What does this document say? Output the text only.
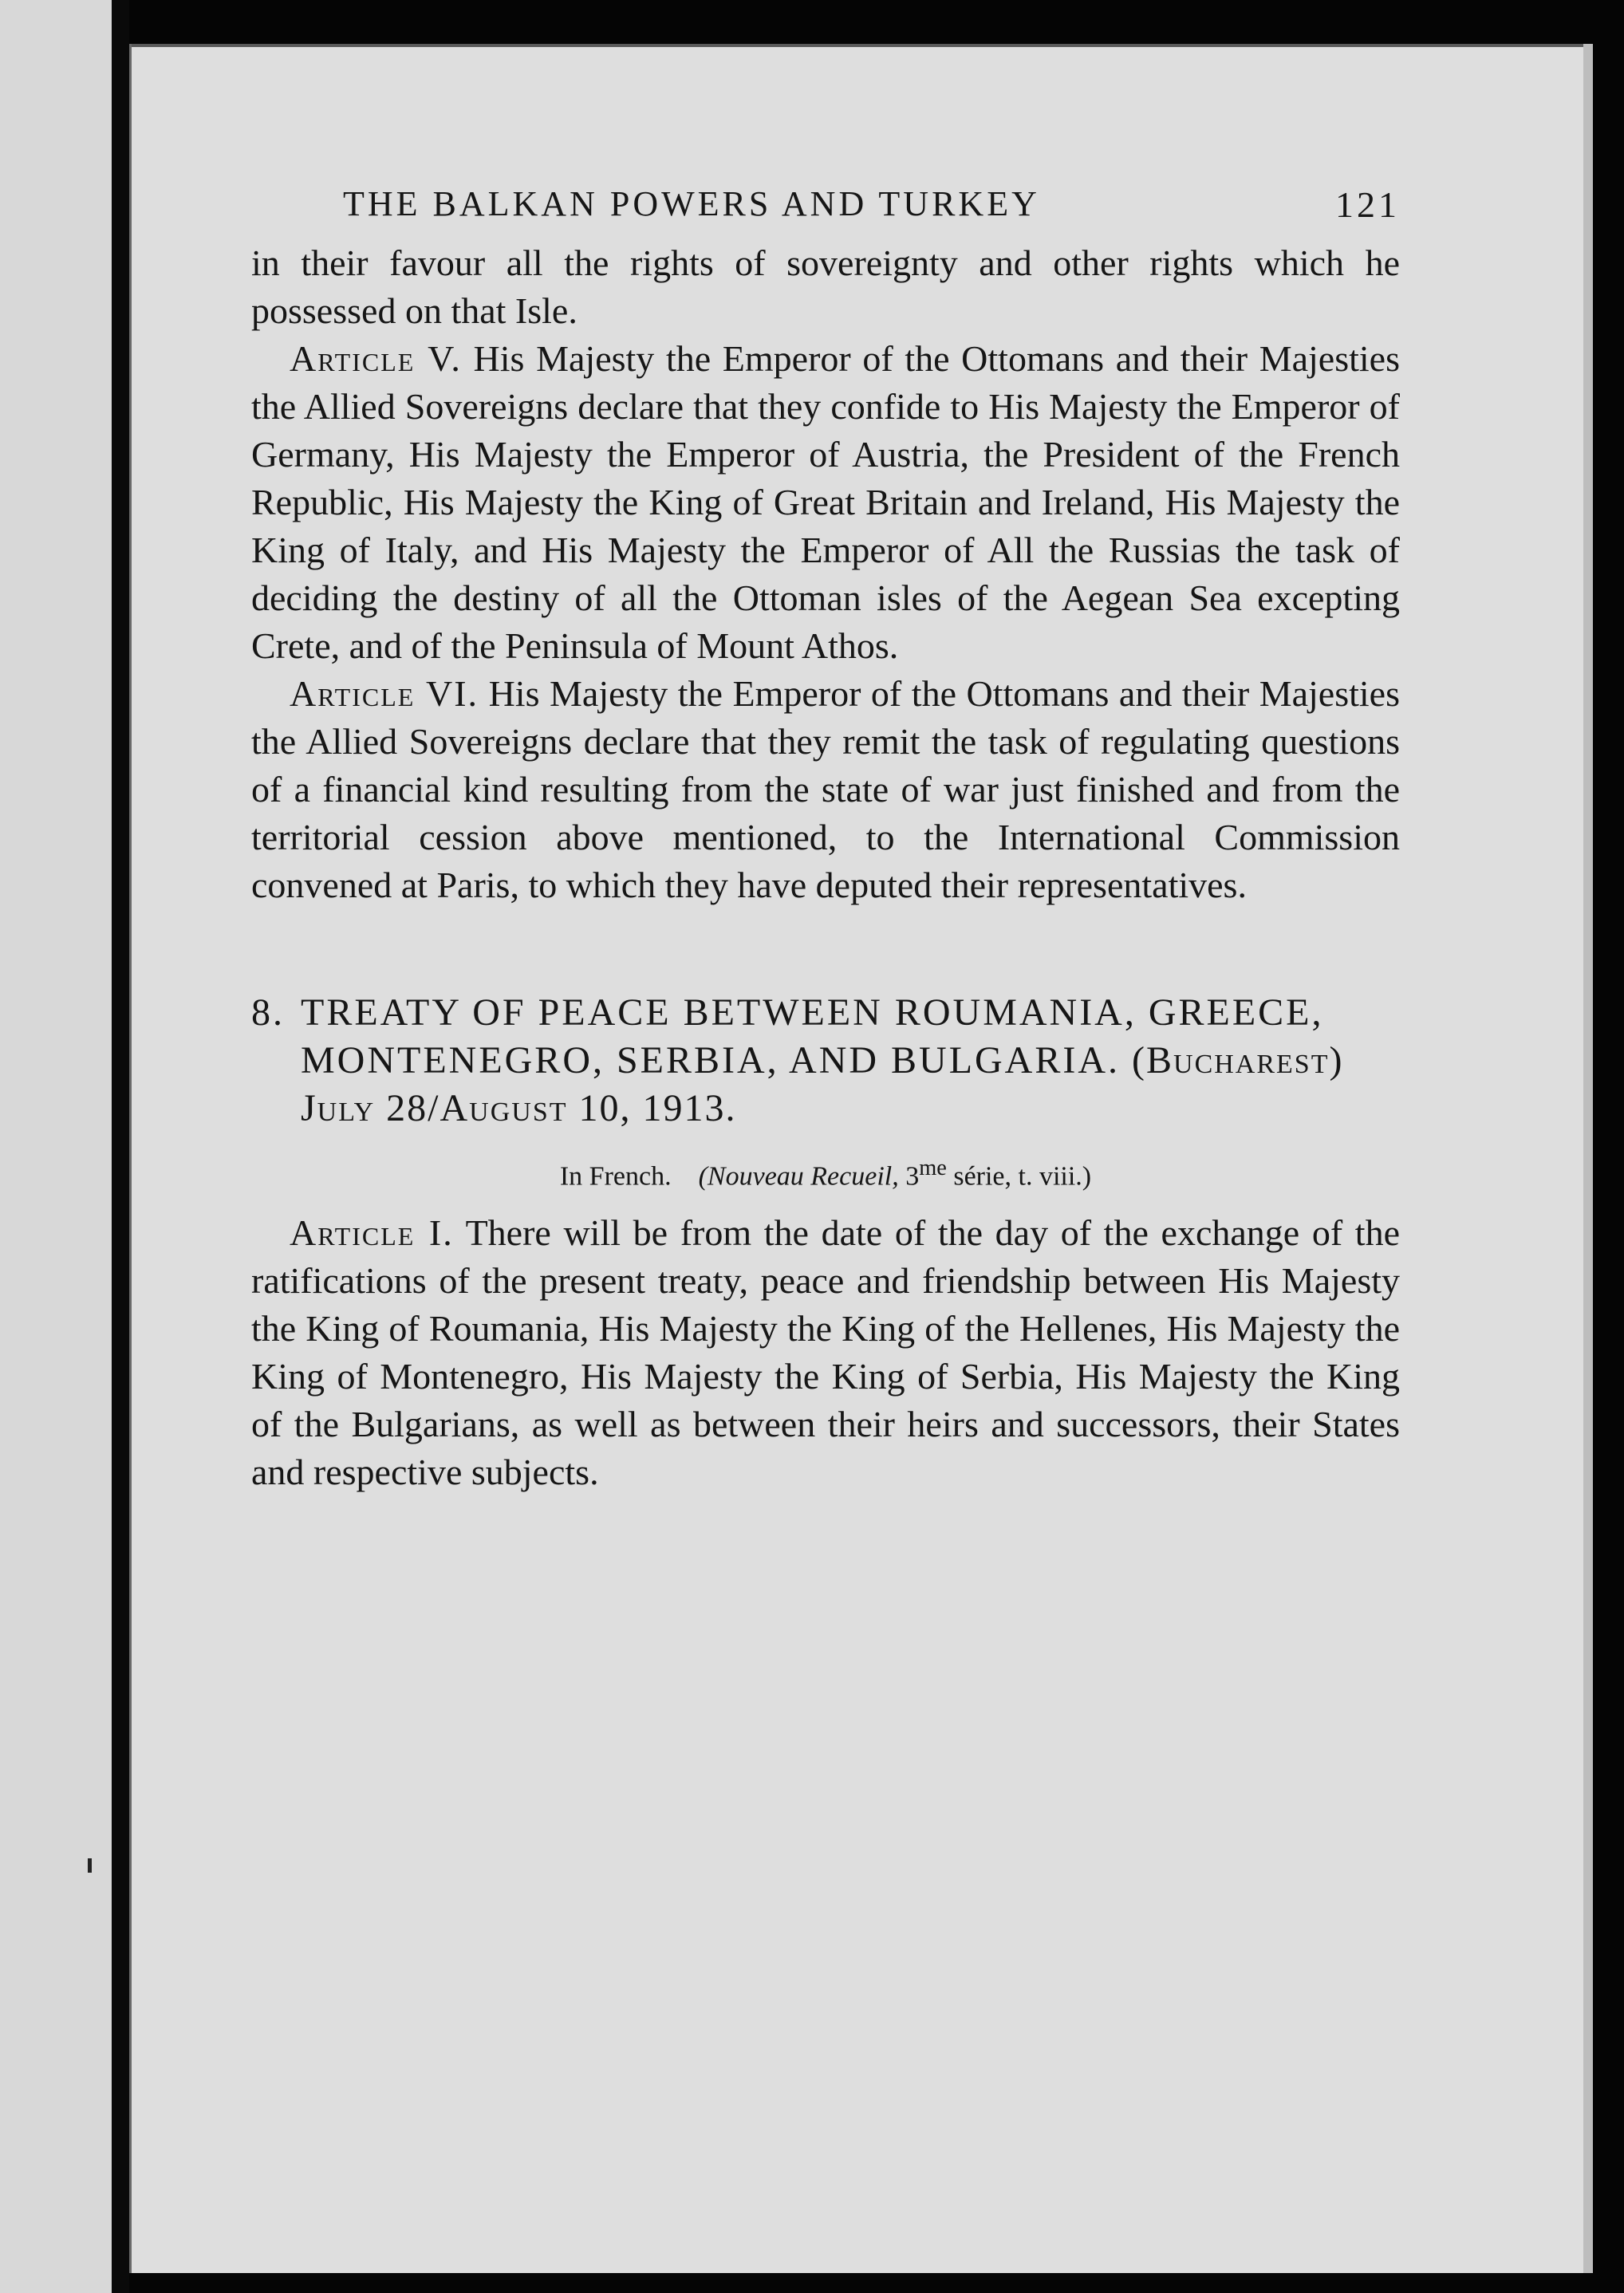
THE BALKAN POWERS AND TURKEY	121

in their favour all the rights of sovereignty and other rights which he possessed on that Isle.

Article V. His Majesty the Emperor of the Ottomans and their Majesties the Allied Sovereigns declare that they confide to His Majesty the Emperor of Germany, His Majesty the Emperor of Austria, the President of the French Republic, His Majesty the King of Great Britain and Ireland, His Majesty the King of Italy, and His Majesty the Emperor of All the Russias the task of deciding the destiny of all the Ottoman isles of the Aegean Sea excepting Crete, and of the Peninsula of Mount Athos.

Article VI. His Majesty the Emperor of the Ottomans and their Majesties the Allied Sovereigns declare that they remit the task of regulating questions of a financial kind resulting from the state of war just finished and from the territorial cession above mentioned, to the International Commission convened at Paris, to which they have deputed their representatives.

8. TREATY OF PEACE BETWEEN ROUMANIA, GREECE, MONTENEGRO, SERBIA, AND BULGARIA. (Bucharest) July 28/August 10, 1913.
In French. (Nouveau Recueil, $3^{me}$ série, t. viii.)

Article I. There will be from the date of the day of the exchange of the ratifications of the present treaty, peace and friendship between His Majesty the King of Roumania, His Majesty the King of the Hellenes, His Majesty the King of Montenegro, His Majesty the King of Serbia, His Majesty the King of the Bulgarians, as well as between their heirs and successors, their States and respective subjects.
